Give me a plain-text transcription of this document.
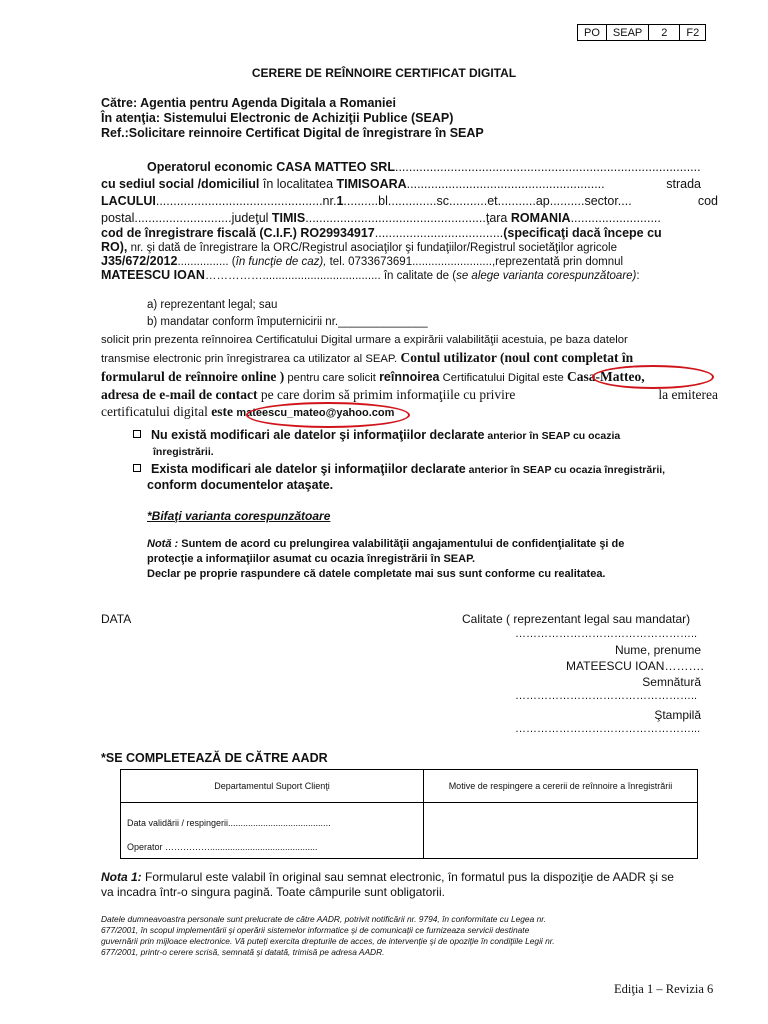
PO	SEAP	2	F2
CERERE DE REÎNNOIRE CERTIFICAT DIGITAL
Către: Agentia pentru Agenda Digitala a Romaniei
În atenţia: Sistemului Electronic de Achiziţii Publice (SEAP)
Ref.:Solicitare reinnoire Certificat Digital de înregistrare în SEAP
Operatorul economic CASA MATTEO SRL........................................................................................
cu sediul social /domiciliul în localitatea TIMISOARA.........................................................	strada
LACULUI................................................nr.1..........bl..............sc...........et...........ap..........sector....	cod
postal............................judeţul TIMIS....................................................ţara ROMANIA..........................
cod de înregistrare fiscală (C.I.F.) RO29934917.....................................(specificaţi dacă începe cu
RO), nr. şi dată de înregistrare la ORC/Registrul asociaţilor şi fundaţiilor/Registrul societăţilor agricole
J35/672/2012................ (în funcţie de caz), tel. 0733673691.........................,reprezentată prin domnul
MATEESCU IOAN……………..................................... în calitate de (se alege varianta corespunzătoare):
a) reprezentant legal; sau
b) mandatar conform împuternicirii nr.______________
solicit prin prezenta reînnoirea Certificatului Digital urmare a expirării valabilităţii acestuia, pe baza datelor
transmise electronic prin înregistrarea ca utilizator al SEAP. Contul utilizator (noul cont completat în
formularul de reînnoire online ) pentru care solicit reînnoirea Certificatului Digital este Casa-Matteo,
adresa de e-mail de contact pe care dorim să primim informaţiile cu privire	la emiterea
certificatului digital este mateescu_mateo@yahoo.com
Nu există modificari ale datelor şi informaţiilor declarate anterior în SEAP cu ocazia
înregistrării.
Exista modificari ale datelor şi informaţiilor declarate anterior în SEAP cu ocazia înregistrării,
conform documentelor ataşate.
*Bifaţi varianta corespunzătoare
Notă : Suntem de acord cu prelungirea valabilităţii angajamentului de confidenţialitate şi de
protecţie a informaţiilor asumat cu ocazia înregistrării în SEAP.
Declar pe proprie raspundere că datele completate mai sus sunt conforme cu realitatea.
DATA	Calitate ( reprezentant legal sau mandatar)
…………………………………………..
Nume, prenume
MATEESCU IOAN……….
Semnătură
…………………………………………..
Ştampilă
…………………………………………...
*SE COMPLETEAZĂ DE CĂTRE AADR
Departamentul Suport Clienţi	Motive de respingere a cererii de reînnoire a înregistrării

Data validării / respingerii.........................................
Operator ……………...........................................	

Nota 1: Formularul este valabil în original sau semnat electronic, în formatul pus la dispoziţie de AADR şi se
va incadra într-o singura pagină. Toate câmpurile sunt obligatorii.
Datele dumneavoastra personale sunt prelucrate de către AADR, potrivit notificării nr. 9794, în conformitate cu Legea nr.
677/2001, în scopul implementării şi operării sistemelor informatice şi de comunicaţii ce furnizeaza servicii destinate
guvernării prin mijloace electronice. Vă puteţi exercita drepturile de acces, de intervenţie şi de opoziţie în condiţiile Legii nr.
677/2001, printr-o cerere scrisă, semnată şi datată, trimisă pe adresa AADR.
Ediţia 1 – Revizia 6
